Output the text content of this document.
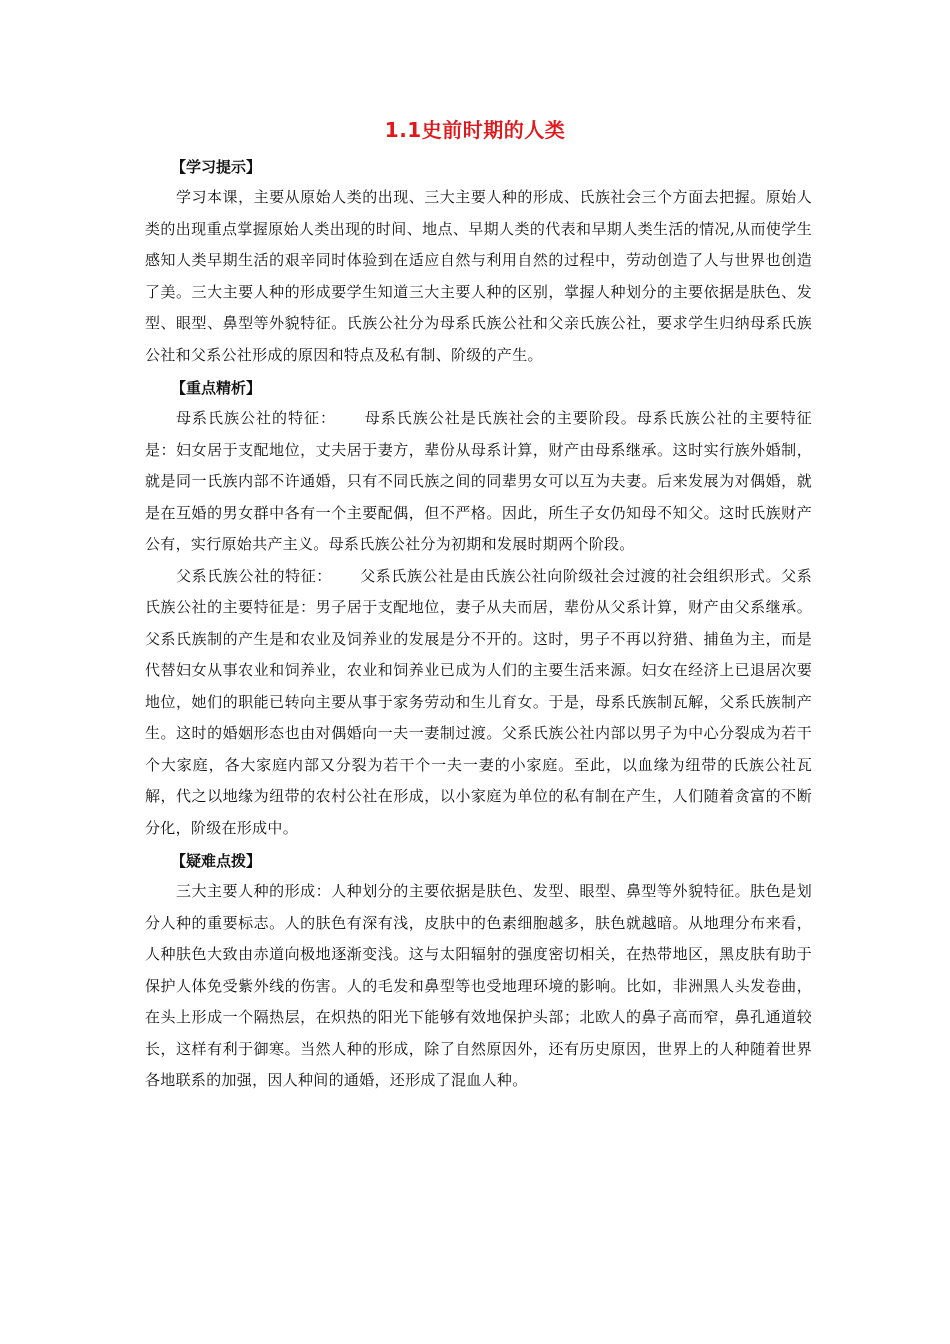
1.1史前时期的人类
【学习提示】

学习本课，主要从原始人类的出现、三大主要人种的形成、氏族社会三个方面去把握。原始人类的出现重点掌握原始人类出现的时间、地点、早期人类的代表和早期人类生活的情况,从而使学生感知人类早期生活的艰辛同时体验到在适应自然与利用自然的过程中，劳动创造了人与世界也创造了美。三大主要人种的形成要学生知道三大主要人种的区别，掌握人种划分的主要依据是肤色、发型、眼型、鼻型等外貌特征。氏族公社分为母系氏族公社和父亲氏族公社，要求学生归纳母系氏族公社和父系公社形成的原因和特点及私有制、阶级的产生。

【重点精析】

母系氏族公社的特征： 母系氏族公社是氏族社会的主要阶段。母系氏族公社的主要特征是：妇女居于支配地位，丈夫居于妻方，辈份从母系计算，财产由母系继承。这时实行族外婚制，就是同一氏族内部不许通婚，只有不同氏族之间的同辈男女可以互为夫妻。后来发展为对偶婚，就是在互婚的男女群中各有一个主要配偶，但不严格。因此，所生子女仍知母不知父。这时氏族财产公有，实行原始共产主义。母系氏族公社分为初期和发展时期两个阶段。

父系氏族公社的特征： 父系氏族公社是由氏族公社向阶级社会过渡的社会组织形式。父系氏族公社的主要特征是：男子居于支配地位，妻子从夫而居，辈份从父系计算，财产由父系继承。父系氏族制的产生是和农业及饲养业的发展是分不开的。这时，男子不再以狩猎、捕鱼为主，而是代替妇女从事农业和饲养业，农业和饲养业已成为人们的主要生活来源。妇女在经济上已退居次要地位，她们的职能已转向主要从事于家务劳动和生儿育女。于是，母系氏族制瓦解，父系氏族制产生。这时的婚姻形态也由对偶婚向一夫一妻制过渡。父系氏族公社内部以男子为中心分裂成为若干个大家庭，各大家庭内部又分裂为若干个一夫一妻的小家庭。至此，以血缘为纽带的氏族公社瓦解，代之以地缘为纽带的农村公社在形成，以小家庭为单位的私有制在产生，人们随着贪富的不断分化，阶级在形成中。

【疑难点拨】

三大主要人种的形成：人种划分的主要依据是肤色、发型、眼型、鼻型等外貌特征。肤色是划分人种的重要标志。人的肤色有深有浅，皮肤中的色素细胞越多，肤色就越暗。从地理分布来看，人种肤色大致由赤道向极地逐渐变浅。这与太阳辐射的强度密切相关，在热带地区，黑皮肤有助于保护人体免受紫外线的伤害。人的毛发和鼻型等也受地理环境的影响。比如，非洲黑人头发卷曲，在头上形成一个隔热层，在炽热的阳光下能够有效地保护头部；北欧人的鼻子高而窄，鼻孔通道较长，这样有利于御寒。当然人种的形成，除了自然原因外，还有历史原因，世界上的人种随着世界各地联系的加强，因人种间的通婚，还形成了混血人种。
